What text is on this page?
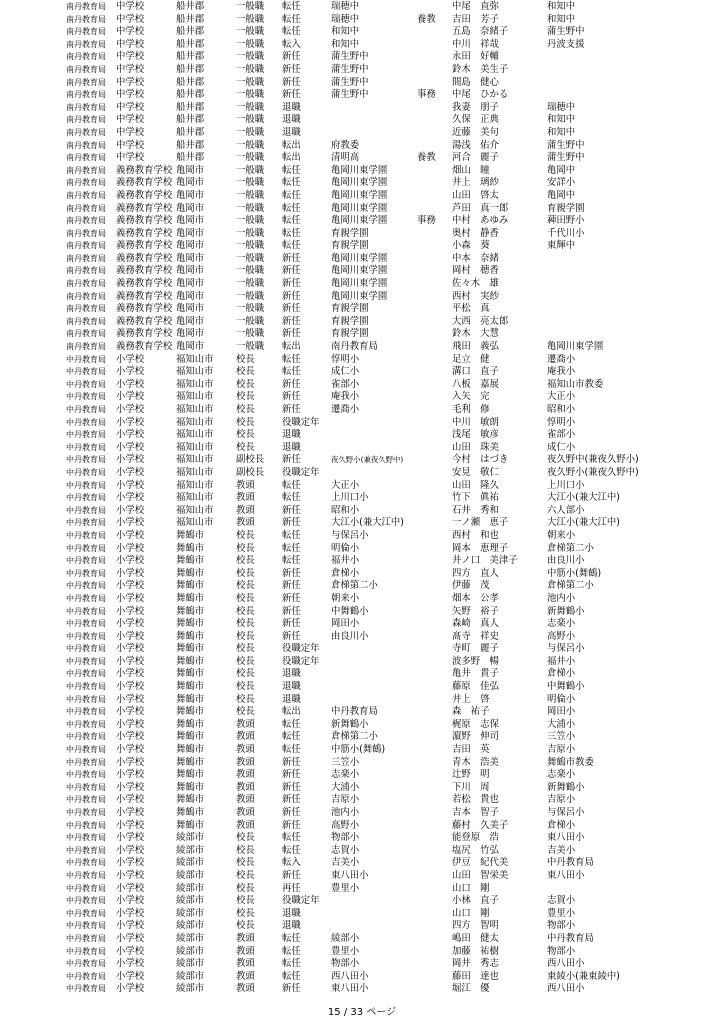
南丹教育局 中学校	船井郡	一般職 転任	瑞穂中	中尾　直弥	和知中
南丹教育局 中学校	船井郡	一般職 転任	瑞穂中	養教 吉田　芳子	和知中
南丹教育局 中学校	船井郡	一般職 転任	和知中	五島　奈緒子	蒲生野中
南丹教育局 中学校	船井郡	一般職 転入	和知中	中川　祥哉	丹波支援
南丹教育局 中学校	船井郡	一般職 新任	蒲生野中	永田　好輔
南丹教育局 中学校	船井郡	一般職 新任	蒲生野中	鈴木　美生子
南丹教育局 中学校	船井郡	一般職 新任	蒲生野中	間島　健心
南丹教育局 中学校	船井郡	一般職 新任	蒲生野中	事務 中尾　ひかる
南丹教育局 中学校	船井郡	一般職 退職	我妻　朋子	瑞穂中
南丹教育局 中学校	船井郡	一般職 退職	久保　正典	和知中
南丹教育局 中学校	船井郡	一般職 退職	近藤　美句	和知中
南丹教育局 中学校	船井郡	一般職 転出	府教委	湯浅　佑介	蒲生野中
南丹教育局 中学校	船井郡	一般職 転出	清明高	養教 河合　麗子	蒲生野中
南丹教育局 義務教育学校 亀岡市	一般職 転任	亀岡川東学園	畑山　瞳	亀岡中
南丹教育局 義務教育学校 亀岡市	一般職 転任	亀岡川東学園	井上　璃紗	安詳小
南丹教育局 義務教育学校 亀岡市	一般職 転任	亀岡川東学園	山田　啓太	亀岡中
南丹教育局 義務教育学校 亀岡市	一般職 転任	亀岡川東学園	芦田　真一郎	育親学園
南丹教育局 義務教育学校 亀岡市	一般職 転任	亀岡川東学園	事務 中村　あゆみ	薭田野小
南丹教育局 義務教育学校 亀岡市	一般職 転任	育親学園	奥村　静香	千代川小
南丹教育局 義務教育学校 亀岡市	一般職 転任	育親学園	小森　葵	東輝中
南丹教育局 義務教育学校 亀岡市	一般職 新任	亀岡川東学園	中本　奈緒
南丹教育局 義務教育学校 亀岡市	一般職 新任	亀岡川東学園	岡村　穂香
南丹教育局 義務教育学校 亀岡市	一般職 新任	亀岡川東学園	佐々木　雄
南丹教育局 義務教育学校 亀岡市	一般職 新任	亀岡川東学園	西村　実紗
南丹教育局 義務教育学校 亀岡市	一般職 新任	育親学園	平松　真
南丹教育局 義務教育学校 亀岡市	一般職 新任	育親学園	大西　亮太郎
南丹教育局 義務教育学校 亀岡市	一般職 新任	育親学園	鈴木　大慧
南丹教育局 義務教育学校 亀岡市	一般職 転出	南丹教育局	飛田　義弘	亀岡川東学園
中丹教育局 小学校	福知山市 校長	転任	惇明小	足立　健	遷喬小
中丹教育局 小学校	福知山市 校長	転任	成仁小	溝口　直子	庵我小
中丹教育局 小学校	福知山市 校長	新任	雀部小	八板　嘉展	福知山市教委
中丹教育局 小学校	福知山市 校長	新任	庵我小	入矢　完	大正小
中丹教育局 小学校	福知山市 校長	新任	遷喬小	毛利　修	昭和小
中丹教育局 小学校	福知山市 校長	役職定年	中川　敏朗	惇明小
中丹教育局 小学校	福知山市 校長	退職	浅尾　敏彦	雀部小
中丹教育局 小学校	福知山市 校長	退職	山田　珠美	成仁小
中丹教育局 小学校	福知山市 副校長 新任	夜久野小(兼夜久野中)	今村　はづき	夜久野中(兼夜久野小)
中丹教育局 小学校	福知山市 副校長 役職定年	安見　敬仁	夜久野小(兼夜久野中)
中丹教育局 小学校	福知山市 教頭	転任	大正小	山田　隆久	上川口小
中丹教育局 小学校	福知山市 教頭	転任	上川口小	竹下　眞祐	大江小(兼大江中)
中丹教育局 小学校	福知山市 教頭	新任	昭和小	石井　秀和	六人部小
中丹教育局 小学校	福知山市 教頭	新任	大江小(兼大江中)	一ノ瀬　恵子	大江小(兼大江中)
中丹教育局 小学校	舞鶴市	校長	転任	与保呂小	西村　和也	朝来小
中丹教育局 小学校	舞鶴市	校長	転任	明倫小	岡本　恵理子	倉梯第二小
中丹教育局 小学校	舞鶴市	校長	転任	福井小	井ノ口　美津子	由良川小
中丹教育局 小学校	舞鶴市	校長	新任	倉梯小	四方　直人	中筋小(舞鶴)
中丹教育局 小学校	舞鶴市	校長	新任	倉梯第二小	伊藤　茂	倉梯第二小
中丹教育局 小学校	舞鶴市	校長	新任	朝来小	畑本　公孝	池内小
中丹教育局 小学校	舞鶴市	校長	新任	中舞鶴小	矢野　裕子	新舞鶴小
中丹教育局 小学校	舞鶴市	校長	新任	岡田小	森崎　真人	志楽小
中丹教育局 小学校	舞鶴市	校長	新任	由良川小	髙寺　祥史	高野小
中丹教育局 小学校	舞鶴市	校長	役職定年	寺町　麗子	与保呂小
中丹教育局 小学校	舞鶴市	校長	役職定年	波多野　暢	福井小
中丹教育局 小学校	舞鶴市	校長	退職	亀井　貴子	倉梯小
中丹教育局 小学校	舞鶴市	校長	退職	藤原　佳弘	中舞鶴小
中丹教育局 小学校	舞鶴市	校長	退職	井上　啓	明倫小
中丹教育局 小学校	舞鶴市	校長	転出	中丹教育局	森　祐子	岡田小
中丹教育局 小学校	舞鶴市	教頭	転任	新舞鶴小	梶原　志保	大浦小
中丹教育局 小学校	舞鶴市	教頭	転任	倉梯第二小	濵野　伸司	三笠小
中丹教育局 小学校	舞鶴市	教頭	転任	中筋小(舞鶴)	吉田　英	吉原小
中丹教育局 小学校	舞鶴市	教頭	新任	三笠小	青木　浩美	舞鶴市教委
中丹教育局 小学校	舞鶴市	教頭	新任	志楽小	辻野　明	志楽小
中丹教育局 小学校	舞鶴市	教頭	新任	大浦小	下川　周	新舞鶴小
中丹教育局 小学校	舞鶴市	教頭	新任	吉原小	若松　貴也	吉原小
中丹教育局 小学校	舞鶴市	教頭	新任	池内小	吉本　智子	与保呂小
中丹教育局 小学校	舞鶴市	教頭	新任	高野小	藤村　久美子	倉梯小
中丹教育局 小学校	綾部市	校長	転任	物部小	能登原　浩	東八田小
中丹教育局 小学校	綾部市	校長	転任	志賀小	塩尻　竹弘	吉美小
中丹教育局 小学校	綾部市	校長	転入	吉美小	伊豆　紀代美	中丹教育局
中丹教育局 小学校	綾部市	校長	新任	東八田小	山田　智栄美	東八田小
中丹教育局 小学校	綾部市	校長	再任	豊里小	山口　剛
中丹教育局 小学校	綾部市	校長	役職定年	小林　直子	志賀小
中丹教育局 小学校	綾部市	校長	退職	山口　剛	豊里小
中丹教育局 小学校	綾部市	校長	退職	四方　智明	物部小
中丹教育局 小学校	綾部市	教頭	転任	綾部小	嶋田　健太	中丹教育局
中丹教育局 小学校	綾部市	教頭	転任	豊里小	加藤　祐樹	物部小
中丹教育局 小学校	綾部市	教頭	転任	物部小	岡井　秀志	西八田小
中丹教育局 小学校	綾部市	教頭	転任	西八田小	藤田　達也	東綾小(兼東綾中)
中丹教育局 小学校	綾部市	教頭	新任	東八田小	堀江　優	西八田小
15 / 33 ページ
